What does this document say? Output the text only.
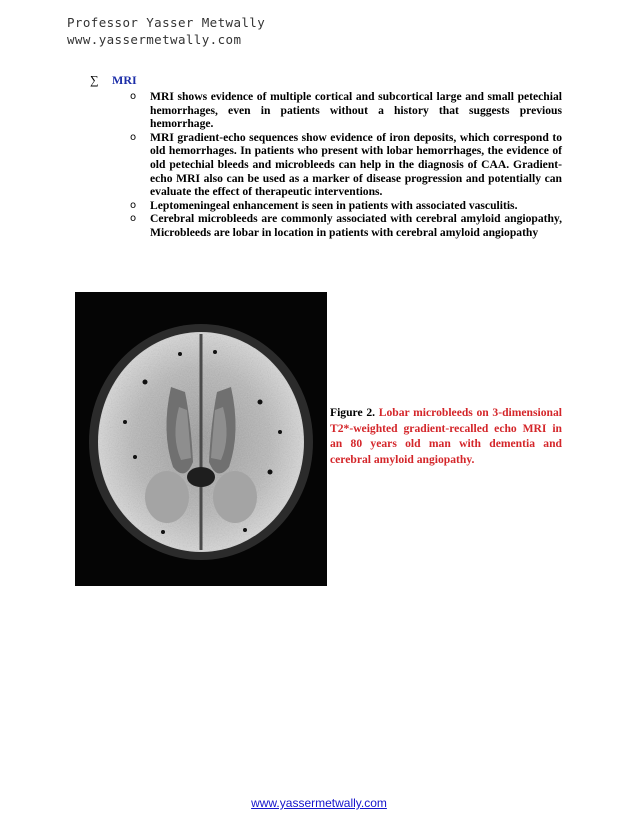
Professor Yasser Metwally
www.yassermetwally.com
∑ MRI
o MRI shows evidence of multiple cortical and subcortical large and small petechial hemorrhages, even in patients without a history that suggests previous hemorrhage.
o MRI gradient-echo sequences show evidence of iron deposits, which correspond to old hemorrhages. In patients who present with lobar hemorrhages, the evidence of old petechial bleeds and microbleeds can help in the diagnosis of CAA. Gradient-echo MRI also can be used as a marker of disease progression and potentially can evaluate the effect of therapeutic interventions.
o Leptomeningeal enhancement is seen in patients with associated vasculitis.
o Cerebral microbleeds are commonly associated with cerebral amyloid angiopathy, Microbleeds are lobar in location in patients with cerebral amyloid angiopathy
Figure 2. Lobar microbleeds on 3-dimensional T2*-weighted gradient-recalled echo MRI in an 80 years old man with dementia and cerebral amyloid angiopathy.
www.yassermetwally.com
